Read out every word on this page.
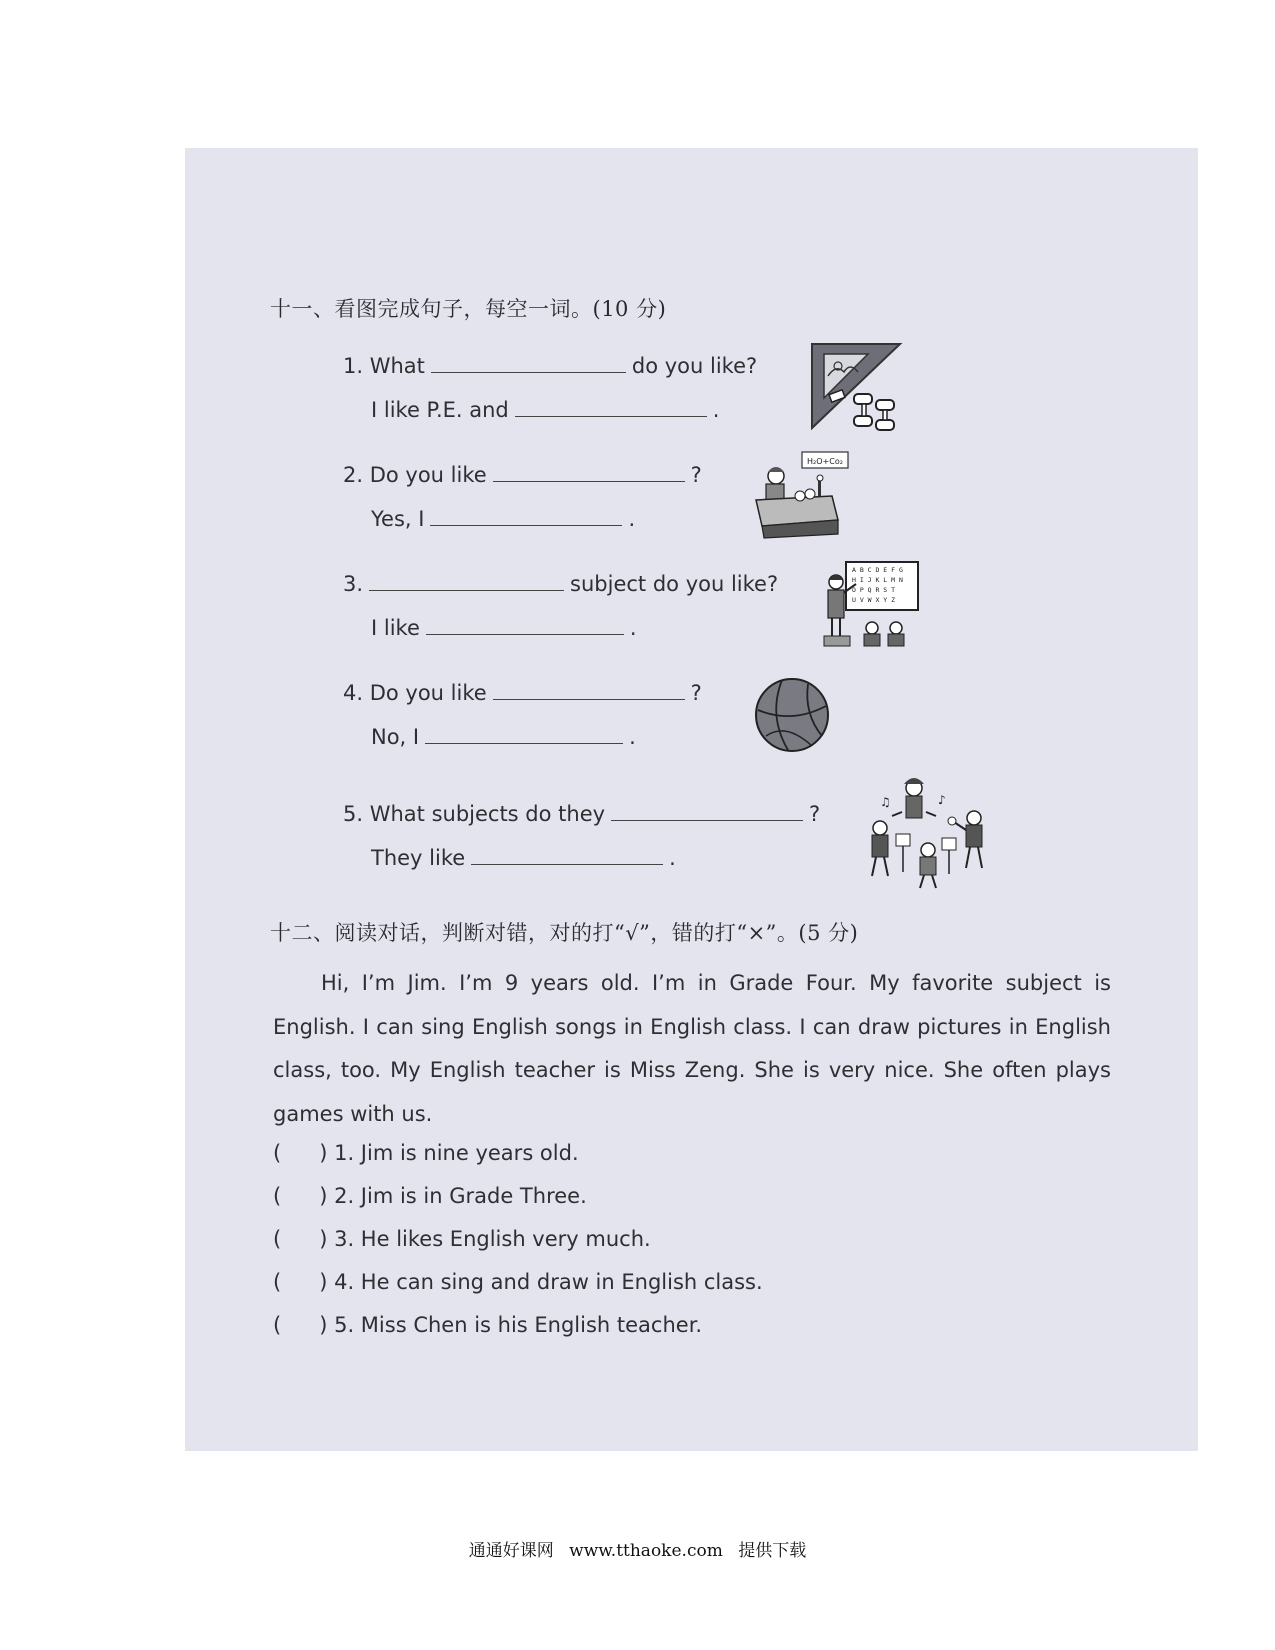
十一、看图完成句子，每空一词。(10 分)
1. What	do you like?
I like P.E. and	.
2. Do you like	?
Yes, I	.
3.	subject do you like?
I like	.
4. Do you like	?
No, I	.
5. What subjects do they	?
They like	.
H₂O+Co₂
A B C D E F G
H I J K L M N
O P Q R S T
U V W X Y Z
♪
♫
十二、阅读对话，判断对错，对的打“√”，错的打“×”。(5 分)
Hi, I’m Jim. I’m 9 years old. I’m in Grade Four. My favorite subject is
English. I can sing English songs in English class. I can draw pictures in English
class, too. My English teacher is Miss Zeng. She is very nice. She often plays
games with us.
( ) 1. Jim is nine years old.
( ) 2. Jim is in Grade Three.
( ) 3. He likes English very much.
( ) 4. He can sing and draw in English class.
( ) 5. Miss Chen is his English teacher.
通通好课网 www.tthaoke.com 提供下载
